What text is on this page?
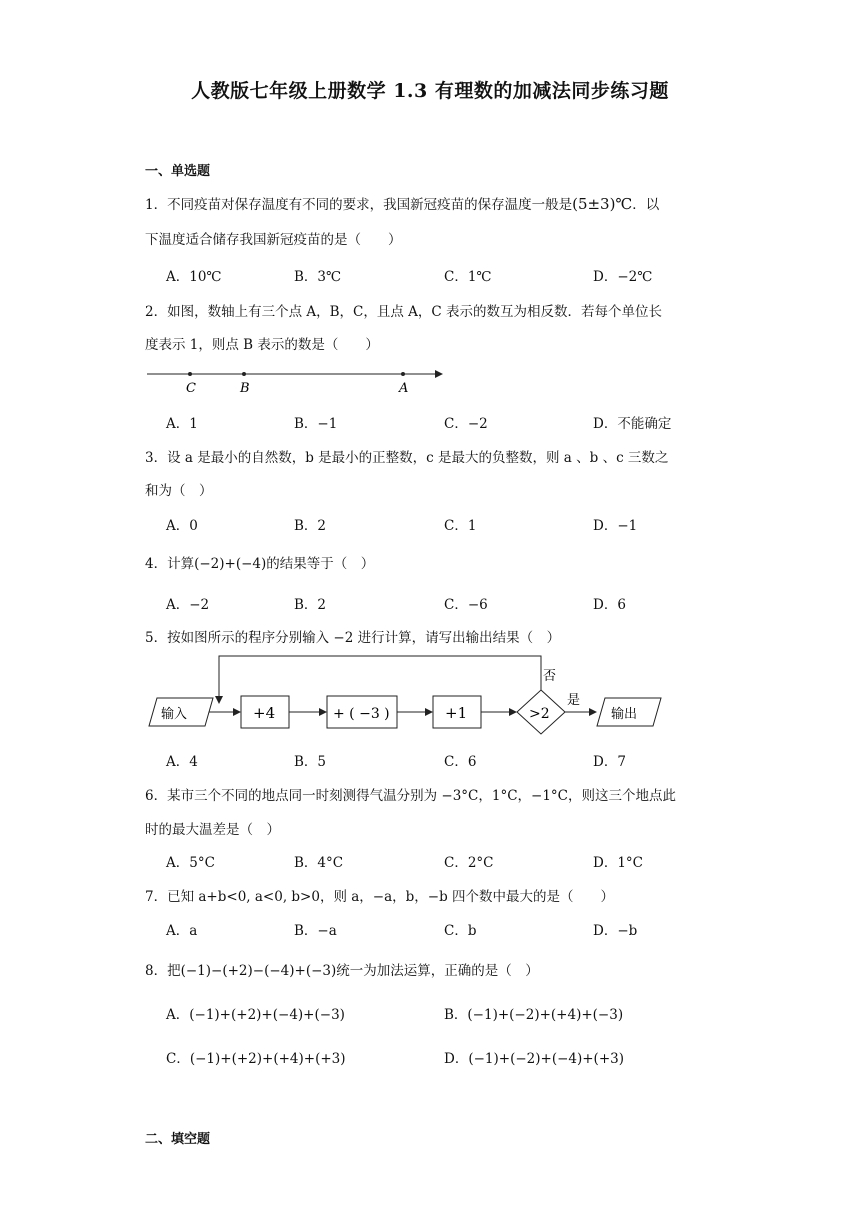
人教版七年级上册数学 1.3 有理数的加减法同步练习题
一、单选题
1．不同疫苗对保存温度有不同的要求，我国新冠疫苗的保存温度一般是(5±3)℃．以
下温度适合储存我国新冠疫苗的是（　　）
A．10℃	B．3℃	C．1℃	D．−2℃
2．如图，数轴上有三个点 A，B，C，且点 A，C 表示的数互为相反数．若每个单位长
度表示 1，则点 B 表示的数是（　　）
C	B	A
A．1	B．−1	C．−2	D．不能确定
3．设 a 是最小的自然数，b 是最小的正整数，c 是最大的负整数，则 a 、b 、c 三数之
和为（　）
A．0	B．2	C．1	D．−1
4．计算(−2)+(−4)的结果等于（　）
A．−2	B．2	C．−6	D．6
5．按如图所示的程序分别输入 −2 进行计算，请写出输出结果（　）
输入	+4	+ ( −3 )	+1	>2
否
是
输出
A．4	B．5	C．6	D．7
6．某市三个不同的地点同一时刻测得气温分别为 −3°C，1°C，−1°C，则这三个地点此
时的最大温差是（　）
A．5°C	B．4°C	C．2°C	D．1°C
7．已知 a+b<0, a<0, b>0，则 a，−a，b，−b 四个数中最大的是（　　）
A．a	B．−a	C．b	D．−b
8．把(−1)−(+2)−(−4)+(−3)统一为加法运算，正确的是（　）
A．(−1)+(+2)+(−4)+(−3)	B．(−1)+(−2)+(+4)+(−3)
C．(−1)+(+2)+(+4)+(+3)	D．(−1)+(−2)+(−4)+(+3)
二、填空题
